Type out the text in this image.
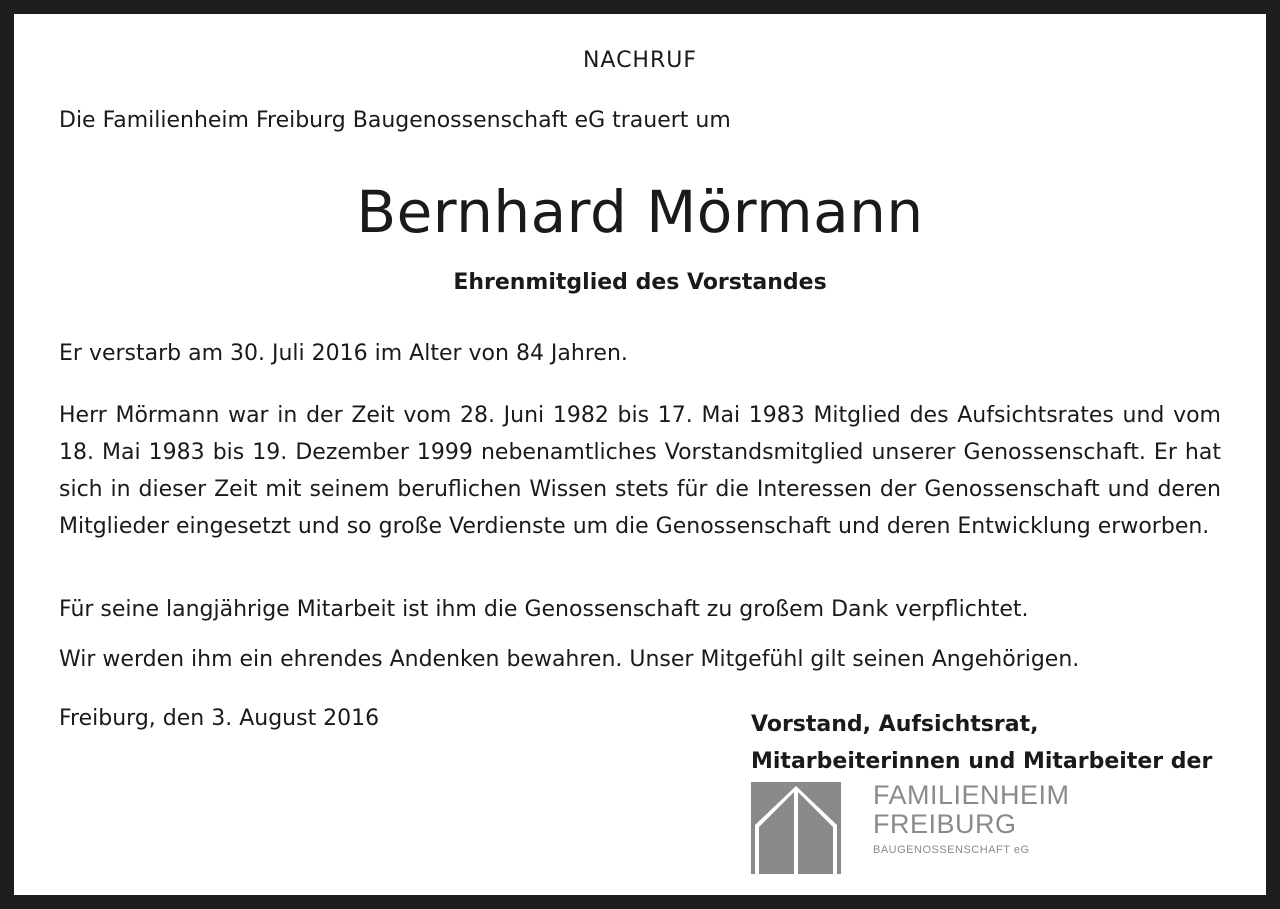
NACHRUF
Die Familienheim Freiburg Baugenossenschaft eG trauert um
Bernhard Mörmann
Ehrenmitglied des Vorstandes
Er verstarb am 30. Juli 2016 im Alter von 84 Jahren.
Herr Mörmann war in der Zeit vom 28. Juni 1982 bis 17. Mai 1983 Mitglied des Aufsichtsrates und vom 18. Mai 1983 bis 19. Dezember 1999 nebenamtliches Vorstandsmitglied unserer Genossenschaft. Er hat sich in dieser Zeit mit seinem beruflichen Wissen stets für die Interessen der Genossenschaft und deren Mitglieder eingesetzt und so große Verdienste um die Genossenschaft und deren Entwicklung erworben.
Für seine langjährige Mitarbeit ist ihm die Genossenschaft zu großem Dank verpflichtet.
Wir werden ihm ein ehrendes Andenken bewahren. Unser Mitgefühl gilt seinen Angehörigen.
Freiburg, den 3. August 2016	Vorstand, Aufsichtsrat,
Mitarbeiterinnen und Mitarbeiter der
FAMILIENHEIM
FREIBURG
BAUGENOSSENSCHAFT eG
